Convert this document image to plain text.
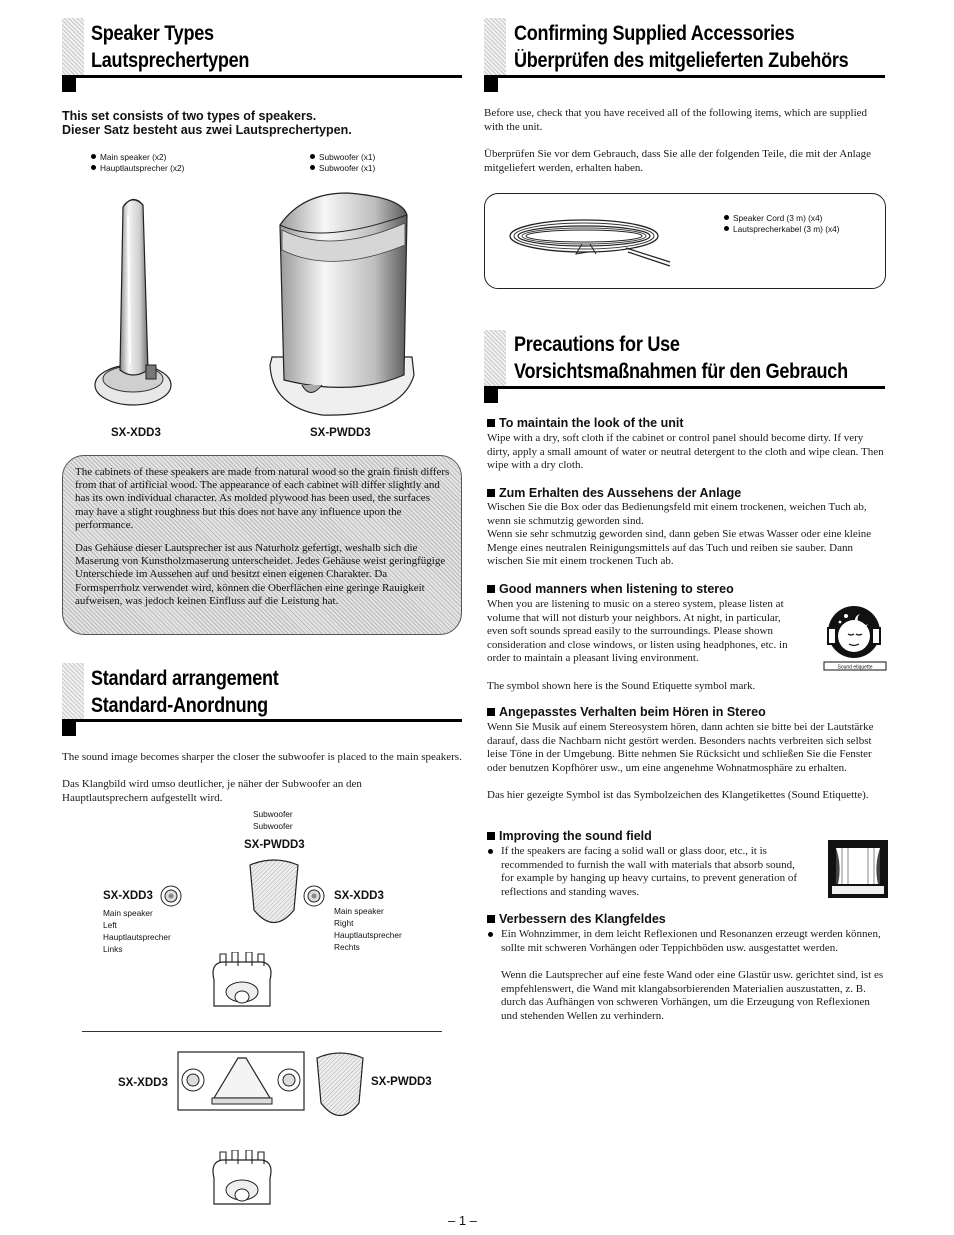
Speaker Types
Lautsprechertypen
This set consists of two types of speakers.
Dieser Satz besteht aus zwei Lautsprechertypen.
Main speaker (x2)
Hauptlautsprecher (x2)
Subwoofer (x1)
Subwoofer (x1)
SX-XDD3	SX-PWDD3

The cabinets of these speakers are made from natural wood so the grain finish differs from that of artificial wood. The appearance of each cabinet will differ slightly and has its own individual character. As molded plywood has been used, the surfaces may have a slight roughness but this does not have any influence upon the performance.

Das Gehäuse dieser Lautsprecher ist aus Naturholz gefertigt, weshalb sich die Maserung von Kunstholzmaserung unterscheidet. Jedes Gehäuse weist geringfügige Unterschiede im Aussehen auf und besitzt einen eigenen Charakter. Da Formsperrholz verwendet wird, können die Oberflächen eine geringe Rauigkeit aufweisen, was jedoch keinen Einfluss auf die Leistung hat.

Standard arrangement
Standard-Anordnung
The sound image becomes sharper the closer the subwoofer is placed to the main speakers.
Das Klangbild wird umso deutlicher, je näher der Subwoofer an den Hauptlautsprechern aufgestellt wird.
Subwoofer
Subwoofer
SX-PWDD3
SX-XDD3
Main speaker
Left
Hauptlautsprecher
Links
SX-XDD3
Main speaker
Right
Hauptlautsprecher
Rechts
SX-XDD3	SX-PWDD3
– 1 –
Confirming Supplied Accessories
Überprüfen des mitgelieferten Zubehörs
Before use, check that you have received all of the following items, which are supplied with the unit.
Überprüfen Sie vor dem Gebrauch, dass Sie alle der folgenden Teile, die mit der Anlage mitgeliefert werden, erhalten haben.
Speaker Cord (3 m) (x4)
Lautsprecherkabel (3 m) (x4)
Precautions for Use
Vorsichtsmaßnahmen für den Gebrauch
To maintain the look of the unit
Wipe with a dry, soft cloth if the cabinet or control panel should become dirty. If very dirty, apply a small amount of water or neutral detergent to the cloth and wipe clean. Then wipe with a dry cloth.
Zum Erhalten des Aussehens der Anlage
Wischen Sie die Box oder das Bedienungsfeld mit einem trockenen, weichen Tuch ab, wenn sie schmutzig geworden sind.
Wenn sie sehr schmutzig geworden sind, dann geben Sie etwas Wasser oder eine kleine Menge eines neutralen Reinigungsmittels auf das Tuch und reiben sie sauber. Dann wischen Sie mit einem trockenen Tuch ab.
Good manners when listening to stereo
When you are listening to music on a stereo system, please listen at volume that will not disturb your neighbors. At night, in particular, even soft sounds spread easily to the surroundings. Please shown consideration and close windows, or listen using headphones, etc. in order to maintain a pleasant living environment.
The symbol shown here is the Sound Etiquette symbol mark.
Sound etiquette
Angepasstes Verhalten beim Hören in Stereo
Wenn Sie Musik auf einem Stereosystem hören, dann achten sie bitte bei der Lautstärke darauf, dass die Nachbarn nicht gestört werden. Besonders nachts verbreiten sich selbst leise Töne in der Umgebung. Bitte nehmen Sie Rücksicht und schließen Sie die Fenster oder benutzen Kopfhörer usw., um eine angenehme Wohnatmosphäre zu erhalten.
Das hier gezeigte Symbol ist das Symbolzeichen des Klangetikettes (Sound Etiquette).
Improving the sound field
If the speakers are facing a solid wall or glass door, etc., it is recommended to furnish the wall with materials that absorb sound, for example by hanging up heavy curtains, to prevent generation of reflections and standing waves.
Verbessern des Klangfeldes
Ein Wohnzimmer, in dem leicht Reflexionen und Resonanzen erzeugt werden können, sollte mit schweren Vorhängen oder Teppichböden usw. ausgestattet werden.
Wenn die Lautsprecher auf eine feste Wand oder eine Glastür usw. gerichtet sind, ist es empfehlenswert, die Wand mit klangabsorbierenden Materialien auszustatten, z. B. durch das Aufhängen von schweren Vorhängen, um die Erzeugung von Reflexionen und stehenden Wellen zu verhindern.
